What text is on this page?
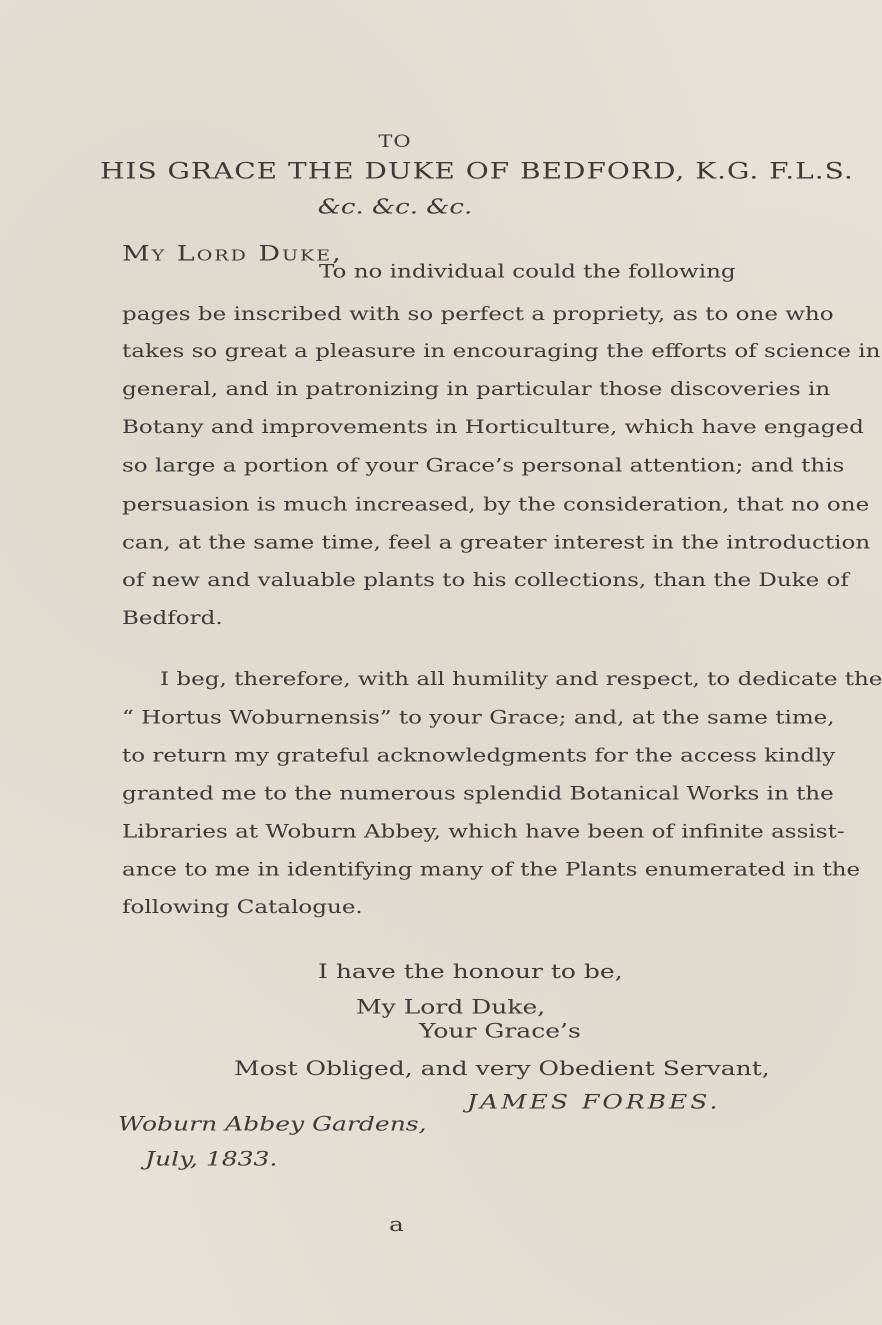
TO
HIS GRACE THE DUKE OF BEDFORD, K.G. F.L.S.
&c. &c. &c.
My Lord Duke,
To no individual could the following
pages be inscribed with so perfect a propriety, as to one who
takes so great a pleasure in encouraging the efforts of science in
general, and in patronizing in particular those discoveries in
Botany and improvements in Horticulture, which have engaged
so large a portion of your Grace’s personal attention; and this
persuasion is much increased, by the consideration, that no one
can, at the same time, feel a greater interest in the introduction
of new and valuable plants to his collections, than the Duke of
Bedford.
I beg, therefore, with all humility and respect, to dedicate the
“ Hortus Woburnensis” to your Grace; and, at the same time,
to return my grateful acknowledgments for the access kindly
granted me to the numerous splendid Botanical Works in the
Libraries at Woburn Abbey, which have been of infinite assist-
ance to me in identifying many of the Plants enumerated in the
following Catalogue.
I have the honour to be,
My Lord Duke,
Your Grace’s
Most Obliged, and very Obedient Servant,
JAMES FORBES.
Woburn Abbey Gardens,
July, 1833.
a
